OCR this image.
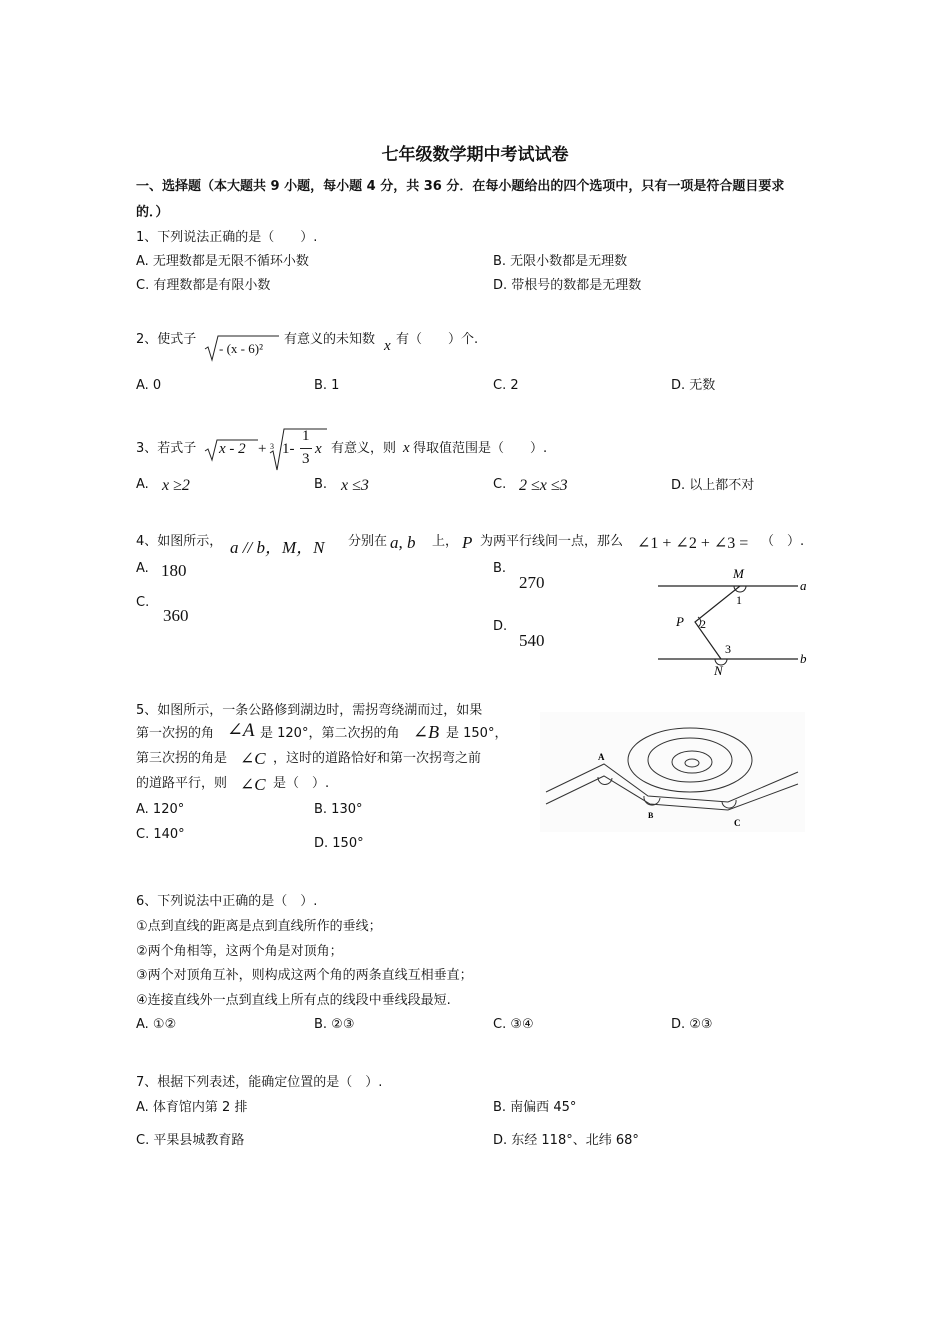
七年级数学期中考试试卷
一、选择题（本大题共 9 小题，每小题 4 分，共 36 分．在每小题给出的四个选项中，只有一项是符合题目要求
的．）
1、下列说法正确的是（　　）.
A. 无理数都是无限不循环小数	B. 无限小数都是无理数
C. 有理数都是有限小数	D. 带根号的数都是无理数
2、使式子
- (x - 6)²
有意义的未知数 x 有（　　）个.
A. 0	B. 1	C. 2	D. 无数
3、若式子 x - 2 + 3 1-
1
3
x 有意义，则 x 得取值范围是（　　）.
A. x ≥2	B. x ≤3	C. 2 ≤x ≤3	D. 以上都不对
4、如图所示， a // b，M，N 分别在 a, b 上， P 为两平行线间一点，那么 ∠1 + ∠2 + ∠3 = （　）.
A. 180	B.
270
C.
360
D.
540
M
1
P 2
3
N
a
b
5、如图所示，一条公路修到湖边时，需拐弯绕湖而过，如果
第一次拐的角 ∠A 是 120°，第二次拐的角 ∠B 是 150°，
第三次拐的角是 ∠C ，这时的道路恰好和第一次拐弯之前
的道路平行，则 ∠C 是（　）.
A. 120°	B. 130°
C. 140°
D. 150°
A
B
C
6、下列说法中正确的是（　）.
①点到直线的距离是点到直线所作的垂线；
②两个角相等，这两个角是对顶角；
③两个对顶角互补，则构成这两个角的两条直线互相垂直；
④连接直线外一点到直线上所有点的线段中垂线段最短.
A. ①②	B. ②③	C. ③④	D. ②③
7、根据下列表述，能确定位置的是（　）.
A. 体育馆内第 2 排	B. 南偏西 45°
C. 平果县城教育路	D. 东经 118°、北纬 68°
